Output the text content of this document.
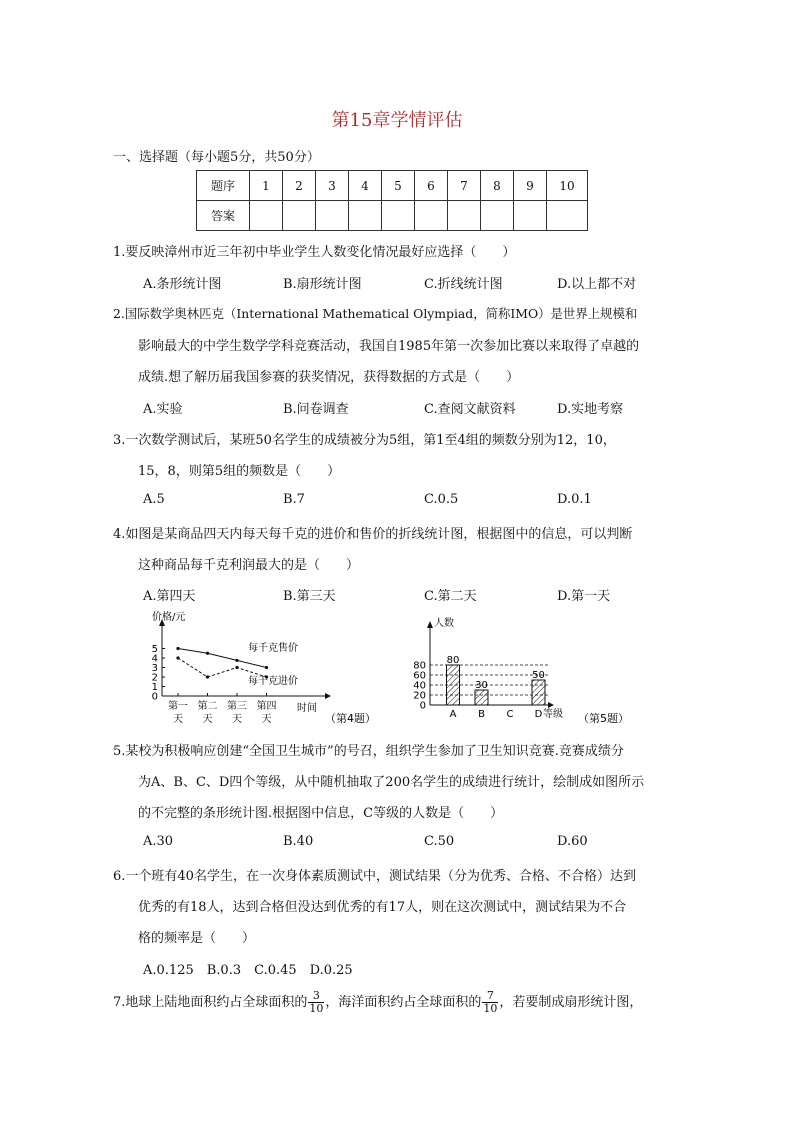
第15章学情评估
一、选择题（每小题5分，共50分）
题序	1	2	3	4	5	6	7	8	9	10
答案										
1.要反映漳州市近三年初中毕业学生人数变化情况最好应选择（　　）
A.条形统计图	B.扇形统计图	C.折线统计图	D.以上都不对
2.国际数学奥林匹克（International Mathematical Olympiad，简称IMO）是世界上规模和
影响最大的中学生数学学科竞赛活动，我国自1985年第一次参加比赛以来取得了卓越的
成绩.想了解历届我国参赛的获奖情况，获得数据的方式是（　　）
A.实验	B.问卷调查	C.查阅文献资料	D.实地考察
3.一次数学测试后，某班50名学生的成绩被分为5组，第1至4组的频数分别为12，10，
15，8，则第5组的频数是（　　）
A.5	B.7	C.0.5	D.0.1
4.如图是某商品四天内每天每千克的进价和售价的折线统计图，根据图中的信息，可以判断
这种商品每千克利润最大的是（　　）
A.第四天	B.第三天	C.第二天	D.第一天
价格/元
时间
0
1
2
3
4
5
第一
天
第二
天
第三
天
第四
天
每千克售价
每千克进价
（第4题）
人数
等级
0
20
40
60
80
A
80
B
30
C D
50
（第5题）
5.某校为积极响应创建“全国卫生城市”的号召，组织学生参加了卫生知识竞赛.竞赛成绩分
为A、B、C、D四个等级，从中随机抽取了200名学生的成绩进行统计，绘制成如图所示
的不完整的条形统计图.根据图中信息，C等级的人数是（　　）
A.30	B.40	C.50	D.60
6.一个班有40名学生，在一次身体素质测试中，测试结果（分为优秀、合格、不合格）达到
优秀的有18人，达到合格但没达到优秀的有17人，则在这次测试中，测试结果为不合
格的频率是（　　）
A.0.125　B.0.3　C.0.45　D.0.25
7.地球上陆地面积约占全球面积的 $\frac{3}{10}$ ，海洋面积约占全球面积的 $\frac{7}{10}$ ，若要制成扇形统计图，
